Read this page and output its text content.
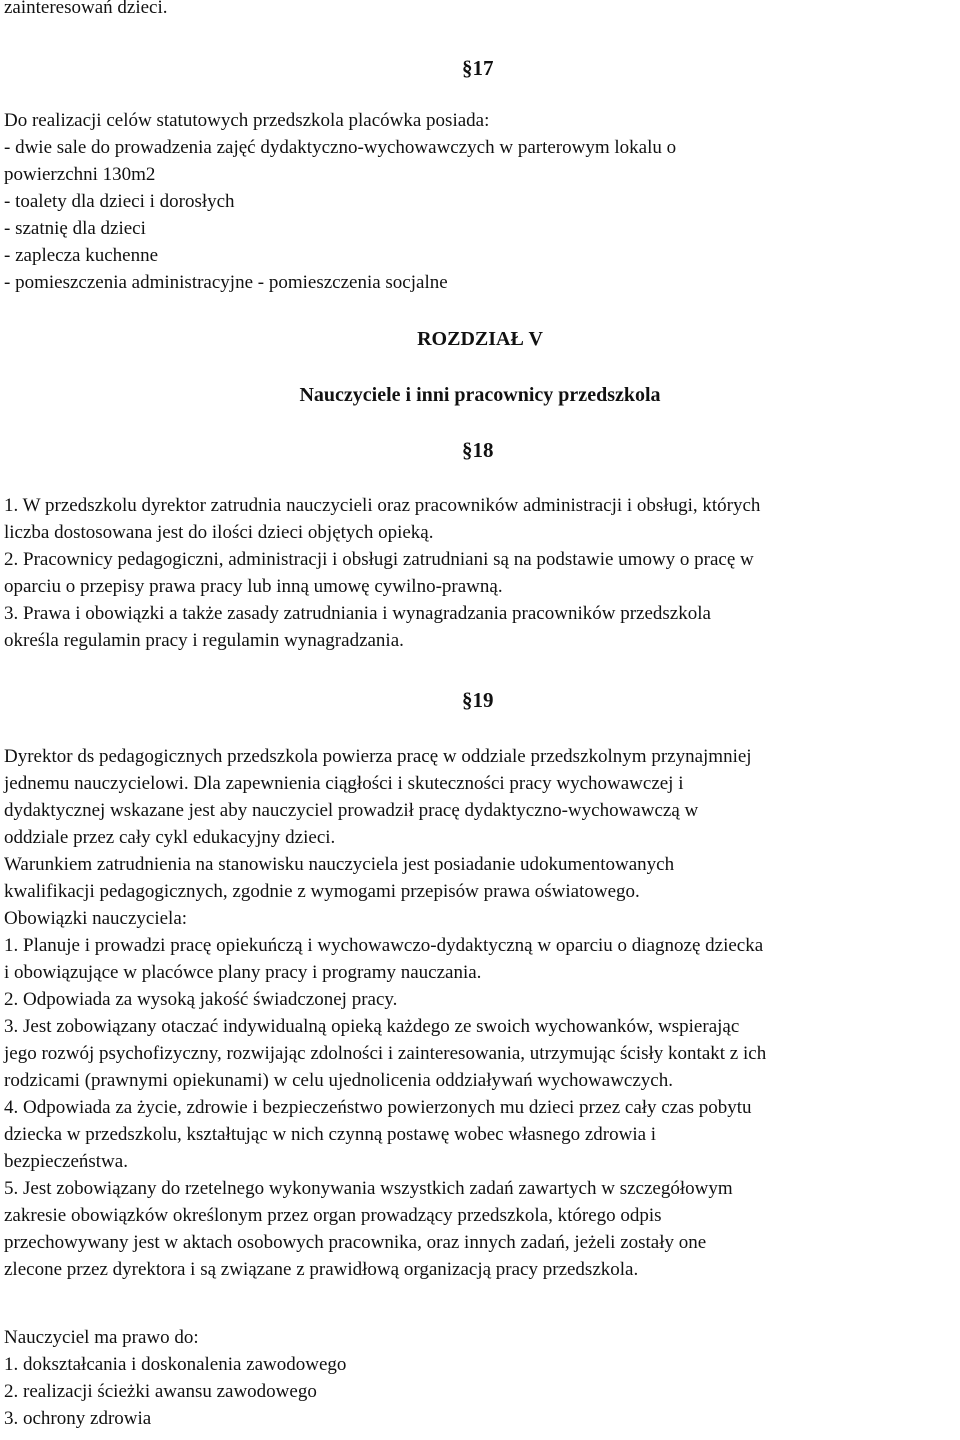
zainteresowań dzieci.
§17
Do realizacji celów statutowych przedszkola placówka posiada:
- dwie sale do prowadzenia zajęć dydaktyczno-wychowawczych w parterowym lokalu o
powierzchni 130m2
- toalety dla dzieci i dorosłych
- szatnię dla dzieci
- zaplecza kuchenne
- pomieszczenia administracyjne - pomieszczenia socjalne
ROZDZIAŁ V
Nauczyciele i inni pracownicy przedszkola
§18
1. W przedszkolu dyrektor zatrudnia nauczycieli oraz pracowników administracji i obsługi, których
liczba dostosowana jest do ilości dzieci objętych opieką.
2. Pracownicy pedagogiczni, administracji i obsługi zatrudniani są na podstawie umowy o pracę w
oparciu o przepisy prawa pracy lub inną umowę cywilno-prawną.
3. Prawa i obowiązki a także zasady zatrudniania i wynagradzania pracowników przedszkola
określa regulamin pracy i regulamin wynagradzania.
§19
Dyrektor ds pedagogicznych przedszkola powierza pracę w oddziale przedszkolnym przynajmniej
jednemu nauczycielowi. Dla zapewnienia ciągłości i skuteczności pracy wychowawczej i
dydaktycznej wskazane jest aby nauczyciel prowadził pracę dydaktyczno-wychowawczą w
oddziale przez cały cykl edukacyjny dzieci.
Warunkiem zatrudnienia na stanowisku nauczyciela jest posiadanie udokumentowanych
kwalifikacji pedagogicznych, zgodnie z wymogami przepisów prawa oświatowego.
Obowiązki nauczyciela:
1. Planuje i prowadzi pracę opiekuńczą i wychowawczo-dydaktyczną w oparciu o diagnozę dziecka
i obowiązujące w placówce plany pracy i programy nauczania.
2. Odpowiada za wysoką jakość świadczonej pracy.
3. Jest zobowiązany otaczać indywidualną opieką każdego ze swoich wychowanków, wspierając
jego rozwój psychofizyczny, rozwijając zdolności i zainteresowania, utrzymując ścisły kontakt z ich
rodzicami (prawnymi opiekunami) w celu ujednolicenia oddziaływań wychowawczych.
4. Odpowiada za życie, zdrowie i bezpieczeństwo powierzonych mu dzieci przez cały czas pobytu
dziecka w przedszkolu, kształtując w nich czynną postawę wobec własnego zdrowia i
bezpieczeństwa.
5. Jest zobowiązany do rzetelnego wykonywania wszystkich zadań zawartych w szczegółowym
zakresie obowiązków określonym przez organ prowadzący przedszkola, którego odpis
przechowywany jest w aktach osobowych pracownika, oraz innych zadań, jeżeli zostały one
zlecone przez dyrektora i są związane z prawidłową organizacją pracy przedszkola.
Nauczyciel ma prawo do:
1. dokształcania i doskonalenia zawodowego
2. realizacji ścieżki awansu zawodowego
3. ochrony zdrowia
